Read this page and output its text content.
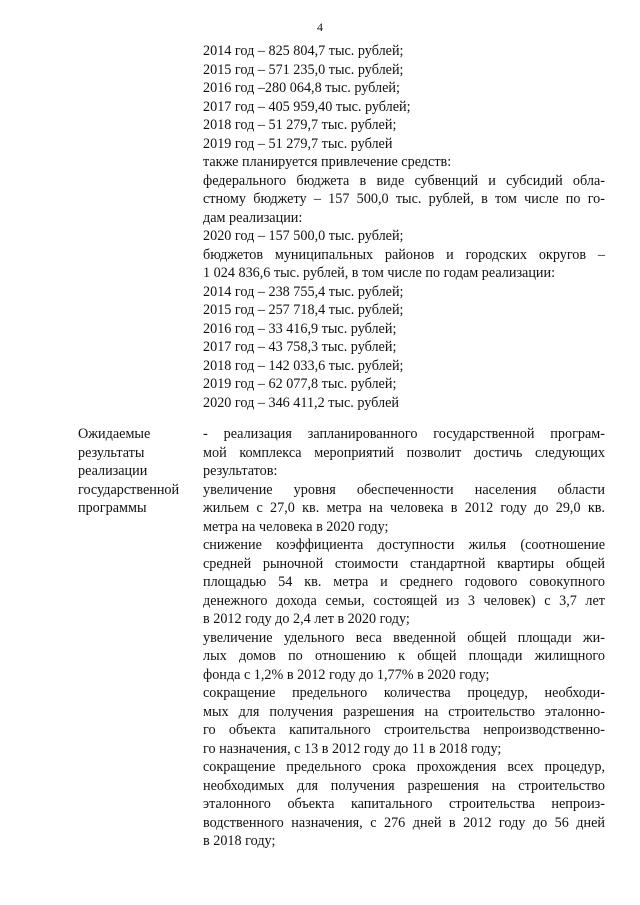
4
2014 год – 825 804,7 тыс. рублей;
2015 год – 571 235,0 тыс. рублей;
2016 год –280 064,8 тыс. рублей;
2017 год – 405 959,40 тыс. рублей;
2018 год – 51 279,7 тыс. рублей;
2019 год – 51 279,7 тыс. рублей
также планируется привлечение средств:
федерального бюджета в виде субвенций и субсидий обла-
стному бюджету – 157 500,0 тыс. рублей, в том числе по го-
дам реализации:
2020 год – 157 500,0 тыс. рублей;
бюджетов муниципальных районов и городских округов –
1 024 836,6 тыс. рублей, в том числе по годам реализации:
2014 год – 238 755,4 тыс. рублей;
2015 год – 257 718,4 тыс. рублей;
2016 год – 33 416,9 тыс. рублей;
2017 год – 43 758,3 тыс. рублей;
2018 год – 142 033,6 тыс. рублей;
2019 год – 62 077,8 тыс. рублей;
2020 год – 346 411,2 тыс. рублей
Ожидаемые
результаты
реализации
государственной
программы
- реализация запланированного государственной програм-
мой комплекса мероприятий позволит достичь следующих
результатов:
увеличение уровня обеспеченности населения области
жильем с 27,0 кв. метра на человека в 2012 году до 29,0 кв.
метра на человека в 2020 году;
снижение коэффициента доступности жилья (соотношение
средней рыночной стоимости стандартной квартиры общей
площадью 54 кв. метра и среднего годового совокупного
денежного дохода семьи, состоящей из 3 человек) с 3,7 лет
в 2012 году до 2,4 лет в 2020 году;
увеличение удельного веса введенной общей площади жи-
лых домов по отношению к общей площади жилищного
фонда с 1,2% в 2012 году до 1,77% в 2020 году;
сокращение предельного количества процедур, необходи-
мых для получения разрешения на строительство эталонно-
го объекта капитального строительства непроизводственно-
го назначения, с 13 в 2012 году до 11 в 2018 году;
сокращение предельного срока прохождения всех процедур,
необходимых для получения разрешения на строительство
эталонного объекта капитального строительства непроиз-
водственного назначения, с 276 дней в 2012 году до 56 дней
в 2018 году;
